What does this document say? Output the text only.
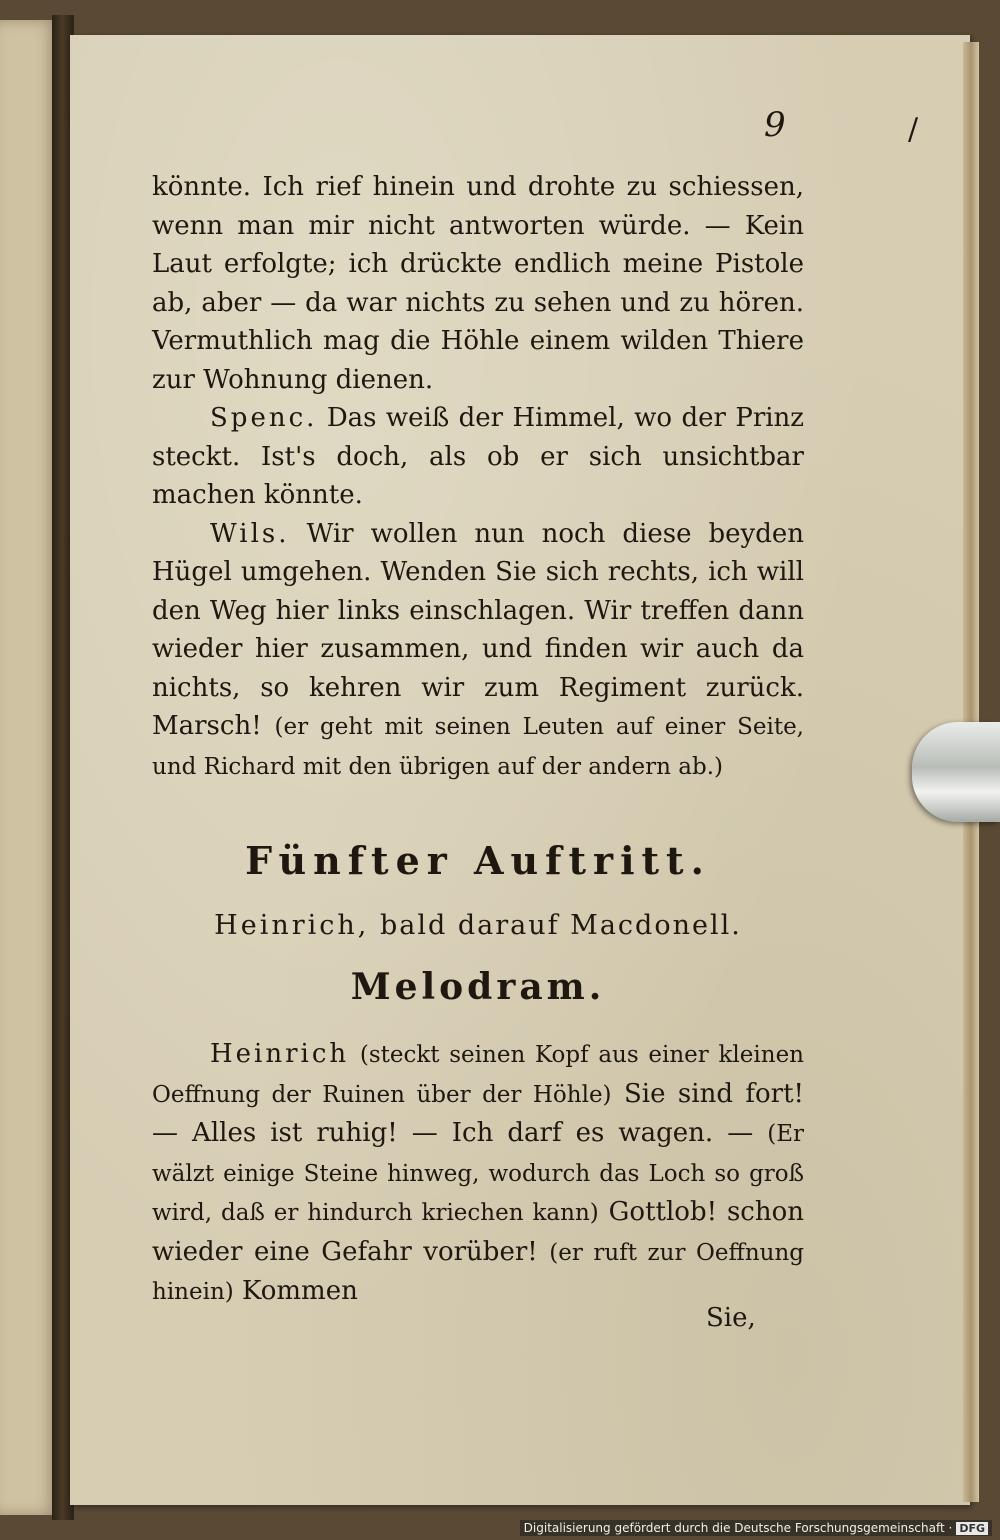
9	/

könnte. Ich rief hinein und drohte zu schiessen, wenn man mir nicht antworten würde. — Kein Laut erfolgte; ich drückte endlich meine Pistole ab, aber — da war nichts zu sehen und zu hören. Vermuthlich mag die Höhle einem wilden Thiere zur Wohnung dienen.

Spenc. Das weiß der Himmel, wo der Prinz steckt. Ist's doch, als ob er sich unsichtbar machen könnte.

Wils. Wir wollen nun noch diese beyden Hügel umgehen. Wenden Sie sich rechts, ich will den Weg hier links einschlagen. Wir treffen dann wieder hier zusammen, und finden wir auch da nichts, so kehren wir zum Regiment zurück. Marsch! (er geht mit seinen Leuten auf einer Seite, und Richard mit den übrigen auf der andern ab.)

Fünfter Auftritt.
Heinrich, bald darauf Macdonell.
Melodram.

Heinrich (steckt seinen Kopf aus einer kleinen Oeffnung der Ruinen über der Höhle) Sie sind fort! — Alles ist ruhig! — Ich darf es wagen. — (Er wälzt einige Steine hinweg, wodurch das Loch so groß wird, daß er hindurch kriechen kann) Gottlob! schon wieder eine Gefahr vorüber! (er ruft zur Oeffnung hinein) Kommen

Sie,
Digitalisierung gefördert durch die Deutsche Forschungsgemeinschaft · DFG
